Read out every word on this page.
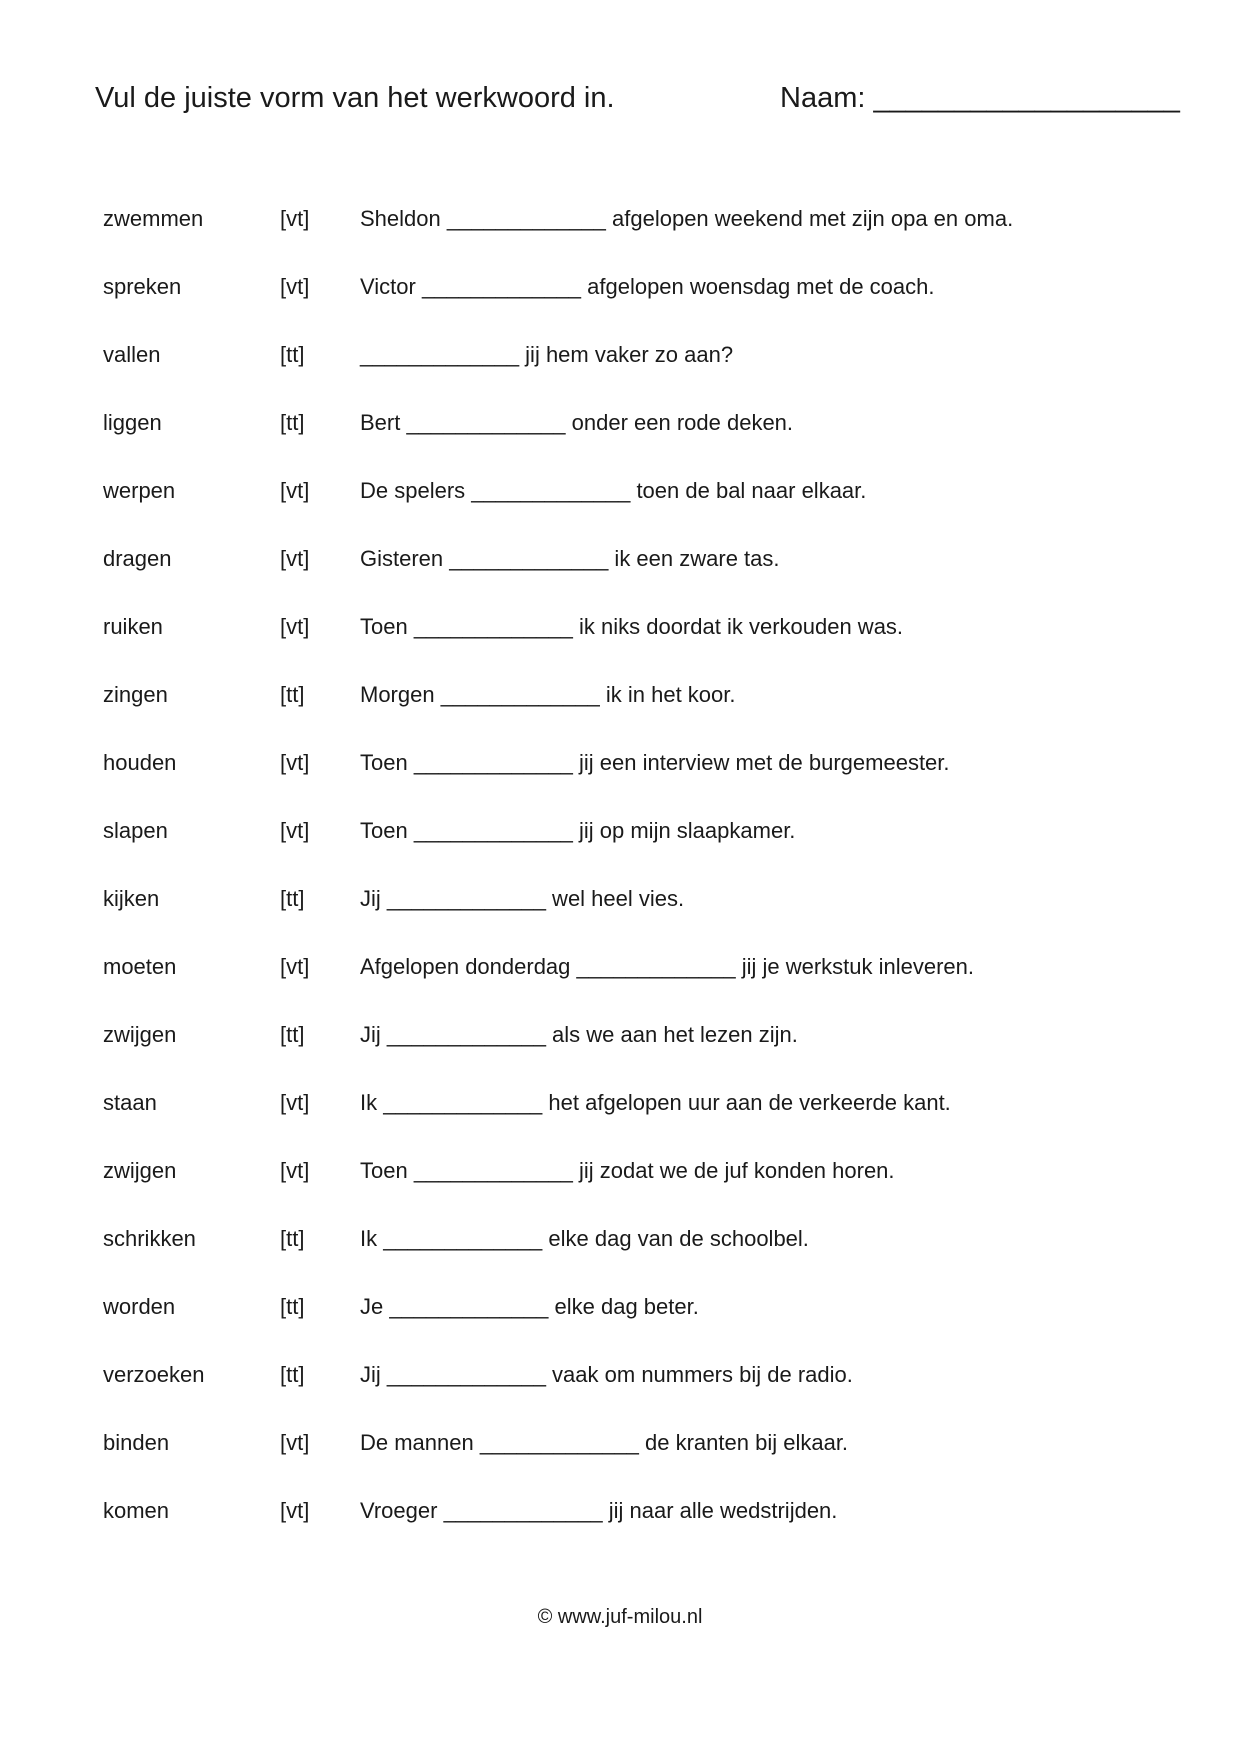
Vul de juiste vorm van het werkwoord in.	Naam: ___________________
zwemmen	[vt] Sheldon _____________ afgelopen weekend met zijn opa en oma.
spreken	[vt] Victor _____________ afgelopen woensdag met de coach.
vallen	[tt]	_____________ jij hem vaker zo aan?
liggen	[tt]	Bert _____________ onder een rode deken.
werpen	[vt] De spelers _____________ toen de bal naar elkaar.
dragen	[vt] Gisteren _____________ ik een zware tas.
ruiken	[vt] Toen _____________ ik niks doordat ik verkouden was.
zingen	[tt]	Morgen _____________ ik in het koor.
houden	[vt] Toen _____________ jij een interview met de burgemeester.
slapen	[vt] Toen _____________ jij op mijn slaapkamer.
kijken	[tt]	Jij _____________ wel heel vies.
moeten	[vt] Afgelopen donderdag _____________ jij je werkstuk inleveren.
zwijgen	[tt]	Jij _____________ als we aan het lezen zijn.
staan	[vt] Ik _____________ het afgelopen uur aan de verkeerde kant.
zwijgen	[vt] Toen _____________ jij zodat we de juf konden horen.
schrikken	[tt]	Ik _____________ elke dag van de schoolbel.
worden	[tt]	Je _____________ elke dag beter.
verzoeken	[tt]	Jij _____________ vaak om nummers bij de radio.
binden	[vt] De mannen _____________ de kranten bij elkaar.
komen	[vt] Vroeger _____________ jij naar alle wedstrijden.
© www.juf-milou.nl
